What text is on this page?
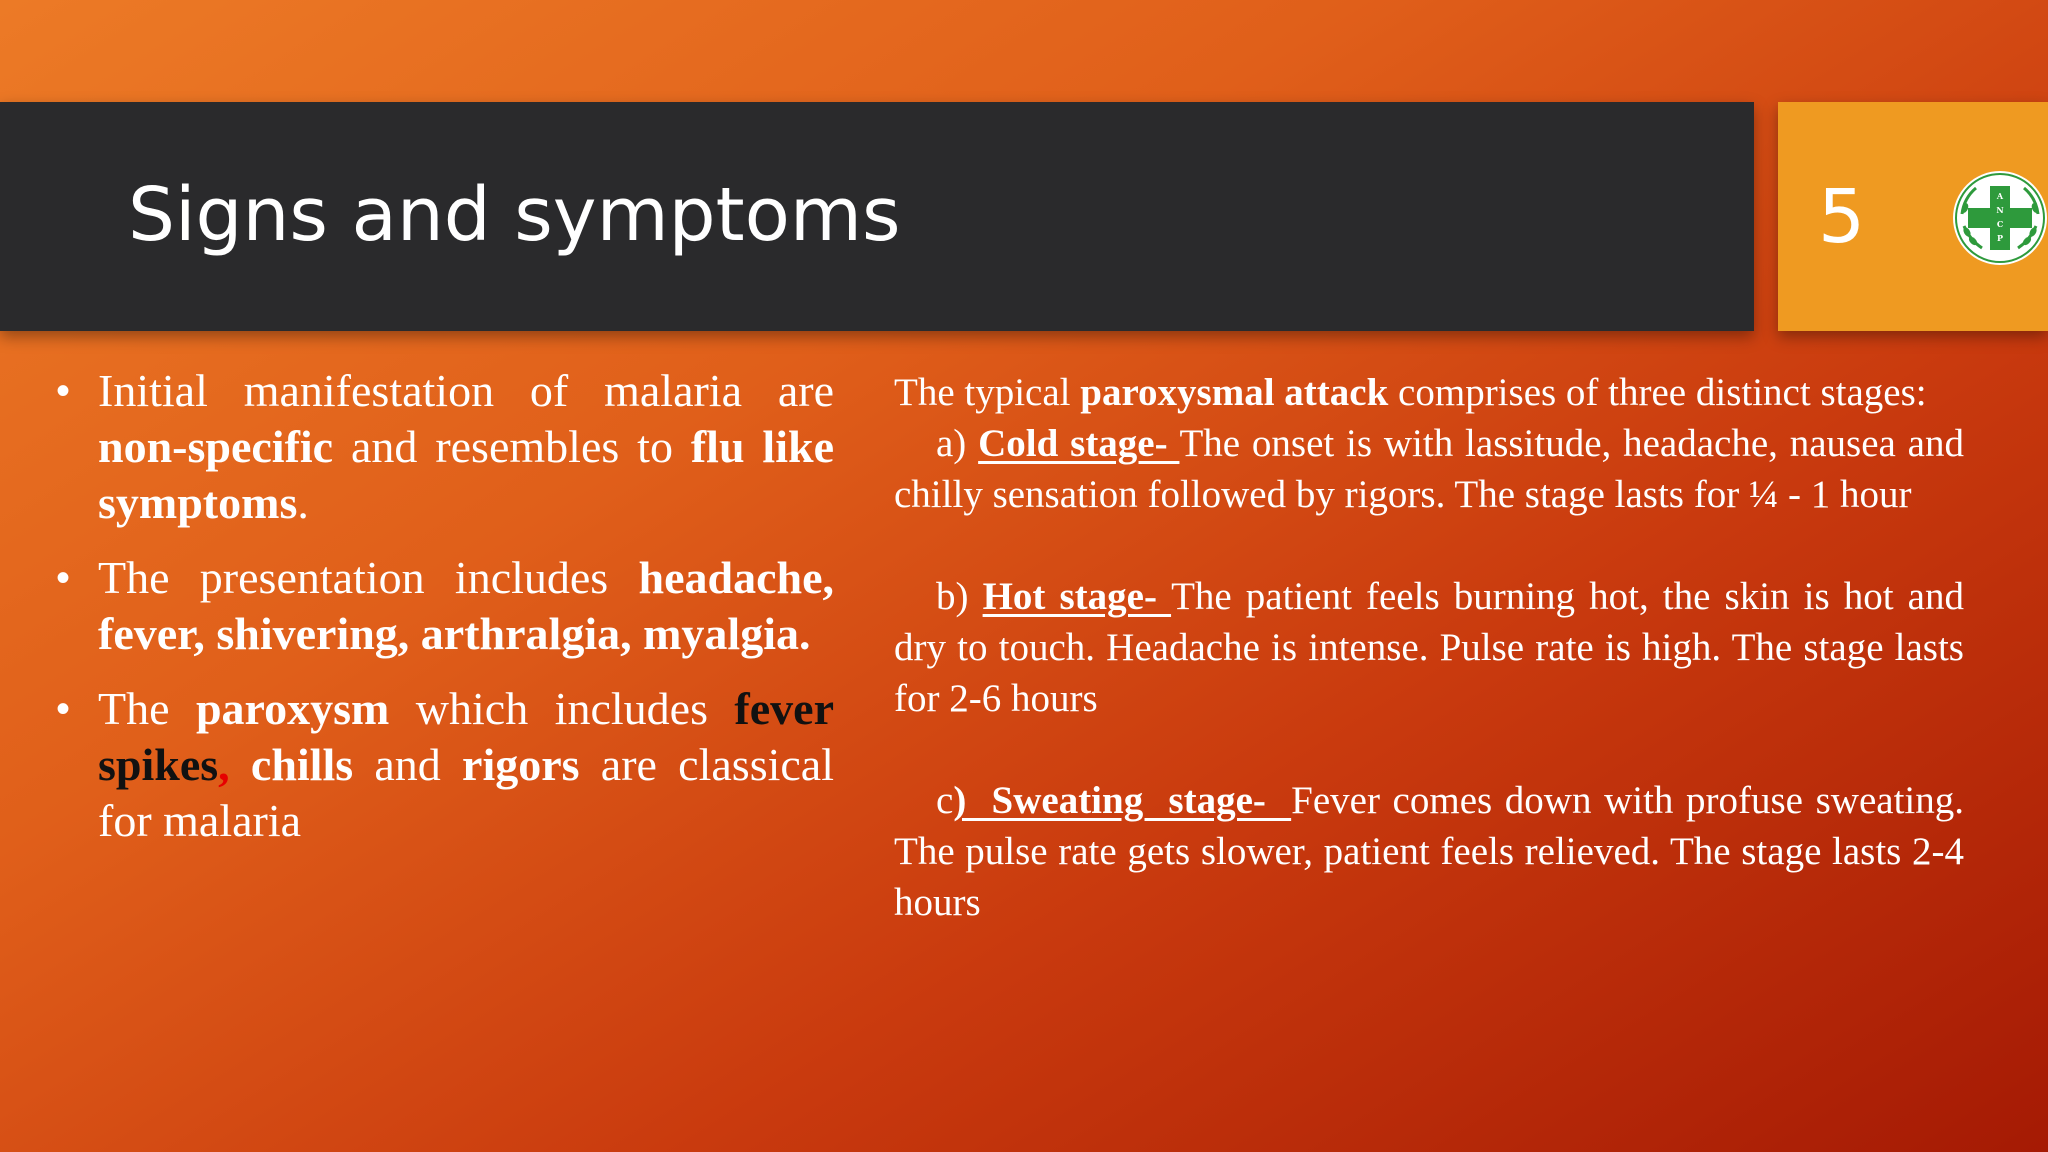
Signs and symptoms	5	A
N
C
P
• Initial manifestation of malaria are non-specific and resembles to flu like symptoms.
• The presentation includes headache, fever, shivering, arthralgia, myalgia.
• The paroxysm which includes fever spikes, chills and rigors are classical for malaria

The typical paroxysmal attack comprises of three distinct stages:

a) Cold stage- The onset is with lassitude, headache, nausea and chilly sensation followed by rigors. The stage lasts for ¼ - 1 hour

b) Hot stage- The patient feels burning hot, the skin is hot and dry to touch. Headache is intense. Pulse rate is high. The stage lasts for 2-6 hours

c)  Sweating  stage-  Fever comes down with profuse sweating. The pulse rate gets slower, patient feels relieved. The stage lasts 2-4 hours
